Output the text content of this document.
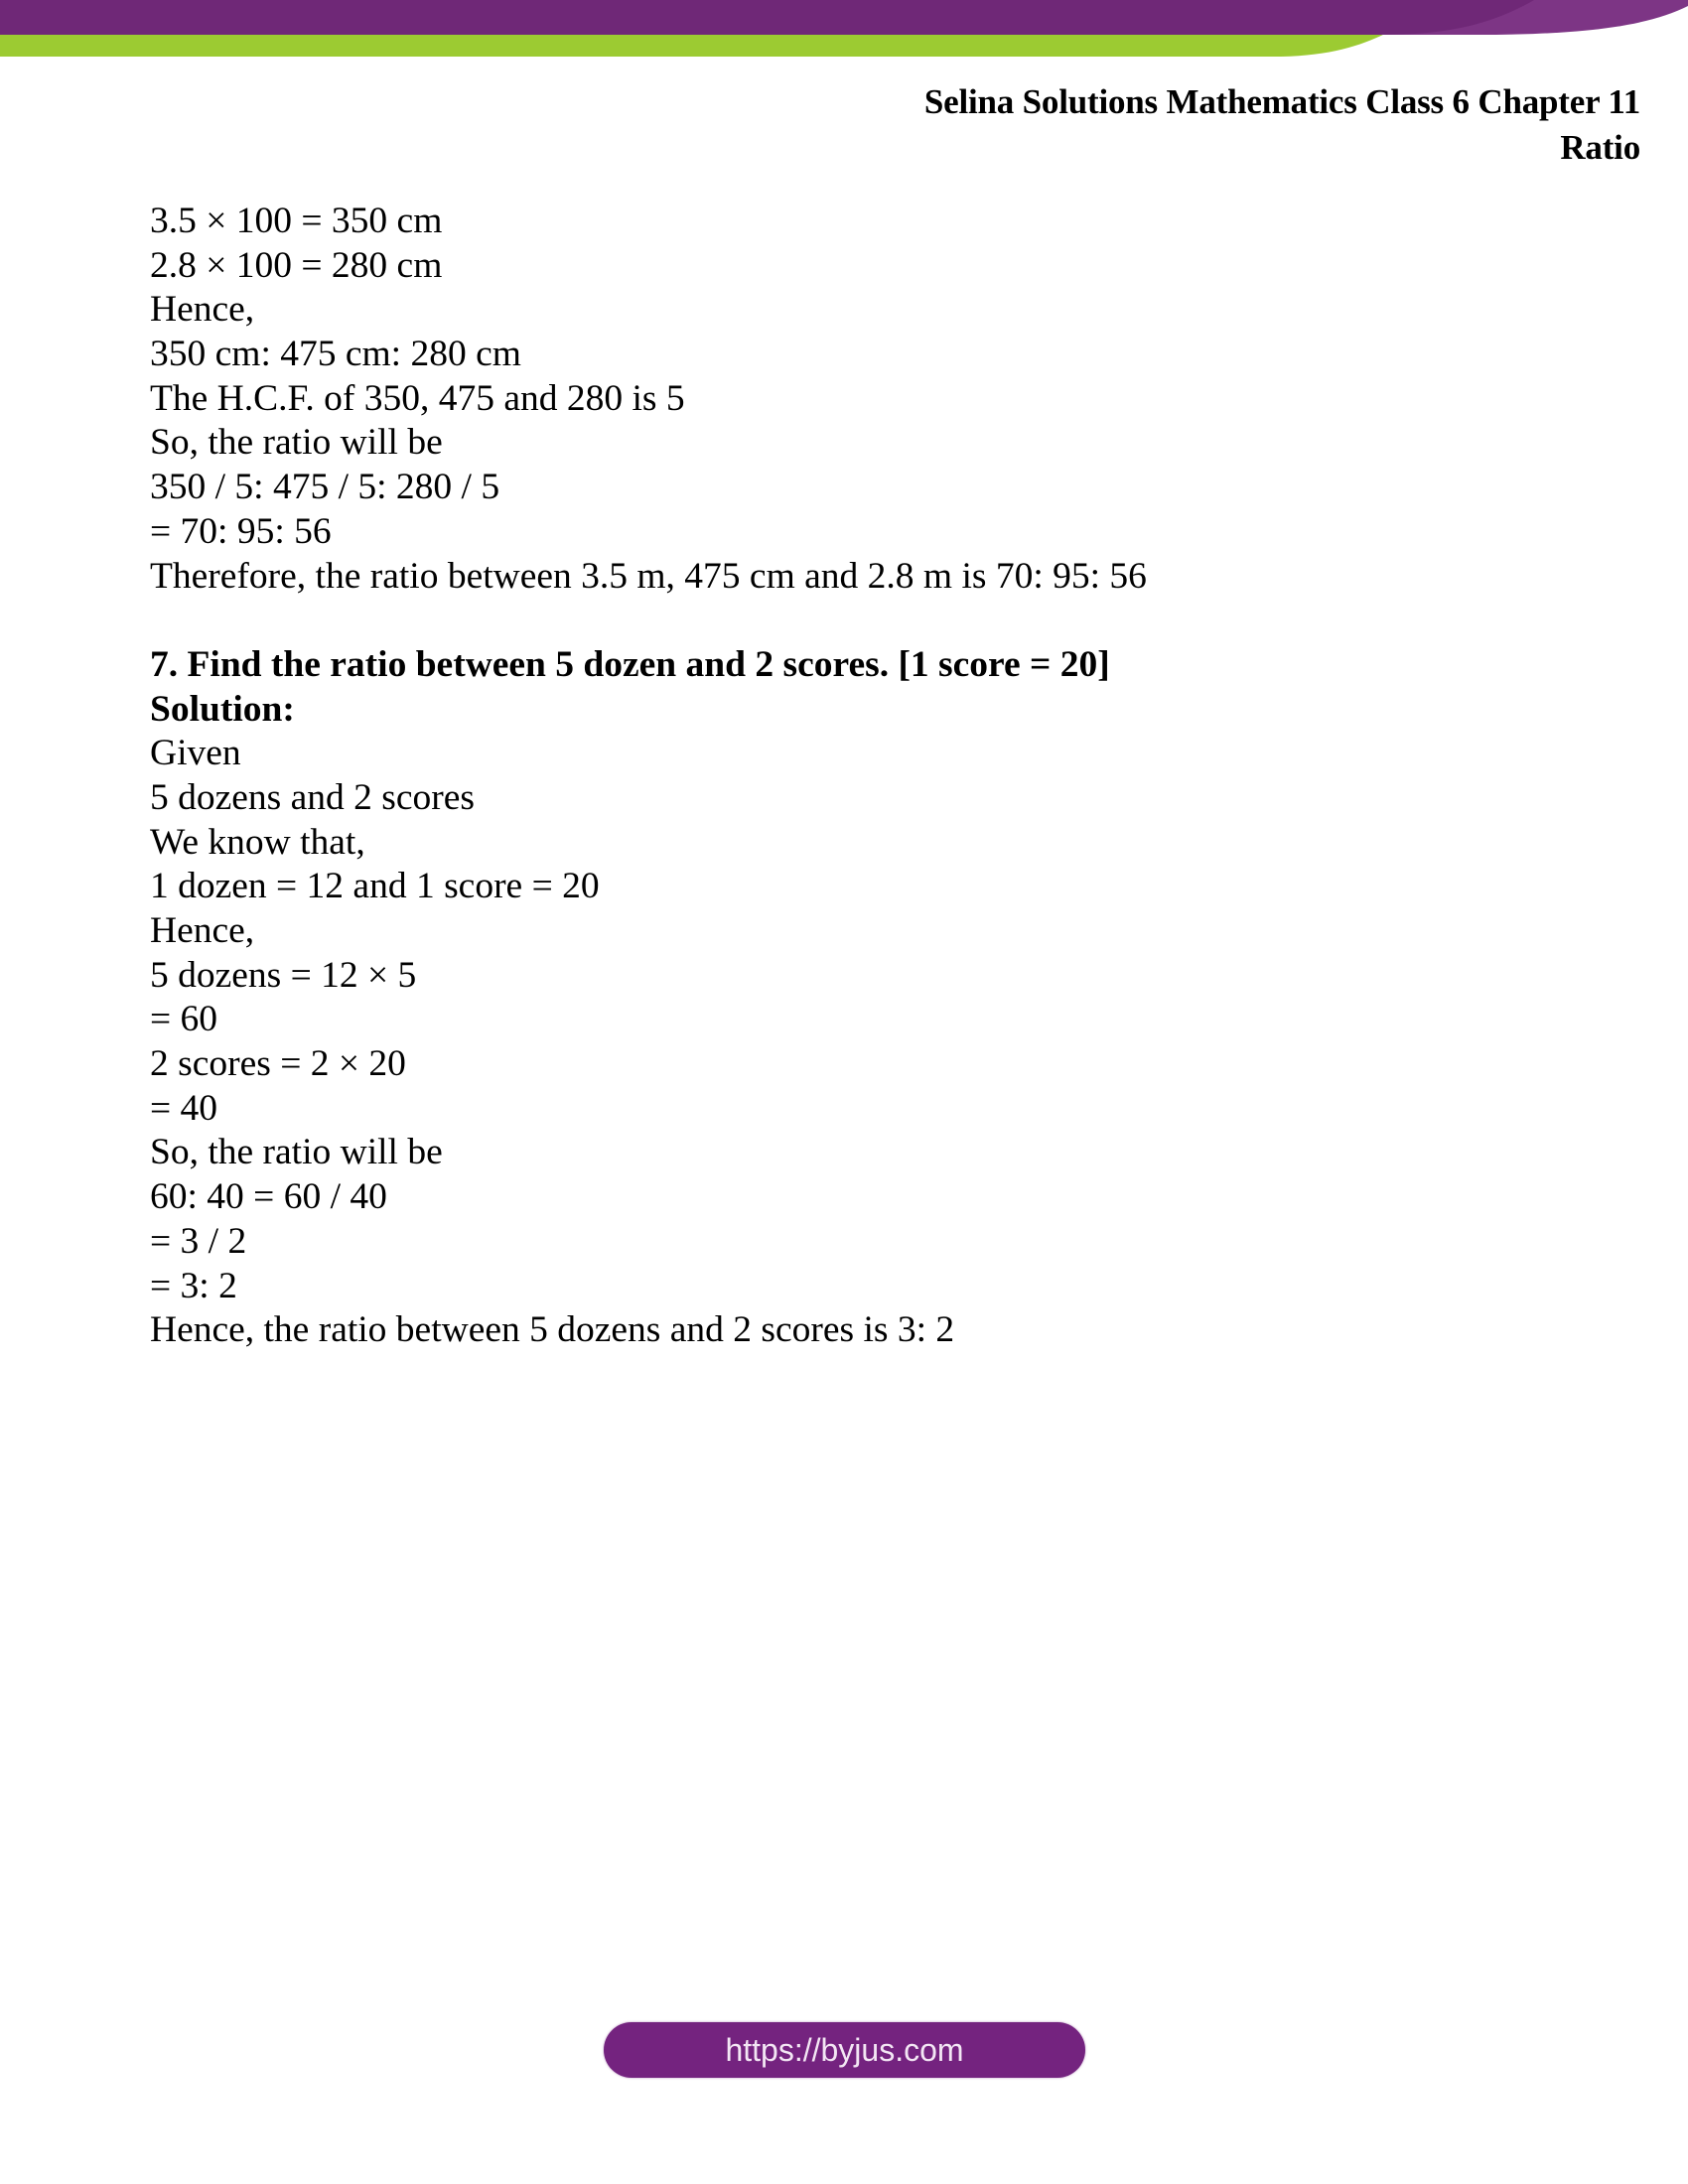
Selina Solutions Mathematics Class 6 Chapter 11
Ratio
3.5 × 100 = 350 cm
2.8 × 100 = 280 cm
Hence,
350 cm: 475 cm: 280 cm
The H.C.F. of 350, 475 and 280 is 5
So, the ratio will be
350 / 5: 475 / 5: 280 / 5
= 70: 95: 56
Therefore, the ratio between 3.5 m, 475 cm and 2.8 m is 70: 95: 56
7. Find the ratio between 5 dozen and 2 scores. [1 score = 20]
Solution:
Given
5 dozens and 2 scores
We know that,
1 dozen = 12 and 1 score = 20
Hence,
5 dozens = 12 × 5
= 60
2 scores = 2 × 20
= 40
So, the ratio will be
60: 40 = 60 / 40
= 3 / 2
= 3: 2
Hence, the ratio between 5 dozens and 2 scores is 3: 2
https://byjus.com
